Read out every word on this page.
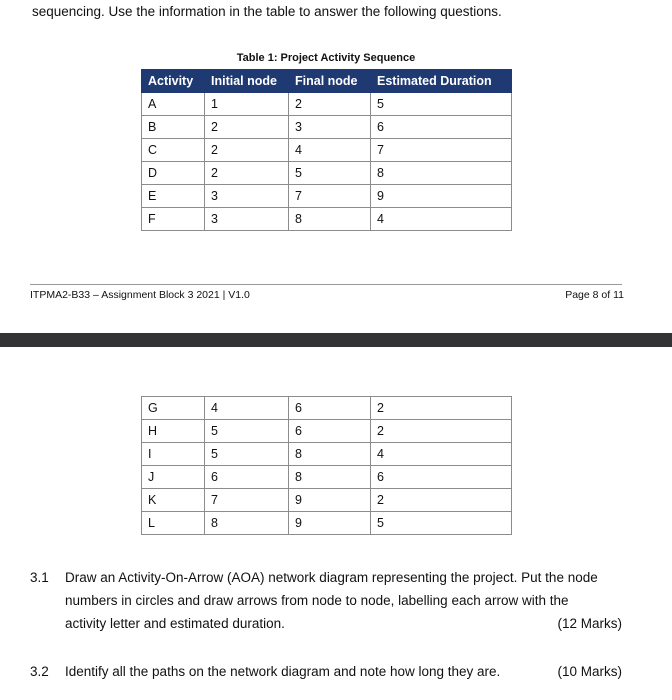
sequencing. Use the information in the table to answer the following questions.
Table 1: Project Activity Sequence
Activity	Initial node	Final node	Estimated Duration
A	1	2	5
B	2	3	6
C	2	4	7
D	2	5	8
E	3	7	9
F	3	8	4
ITPMA2-B33 – Assignment Block 3 2021 | V1.0	Page 8 of 11
G	4	6	2
H	5	6	2
I	5	8	4
J	6	8	6
K	7	9	2
L	8	9	5
3.1 Draw an Activity-On-Arrow (AOA) network diagram representing the project. Put the node
numbers in circles and draw arrows from node to node, labelling each arrow with the
activity letter and estimated duration.	(12 Marks)
3.2 Identify all the paths on the network diagram and note how long they are.	(10 Marks)
